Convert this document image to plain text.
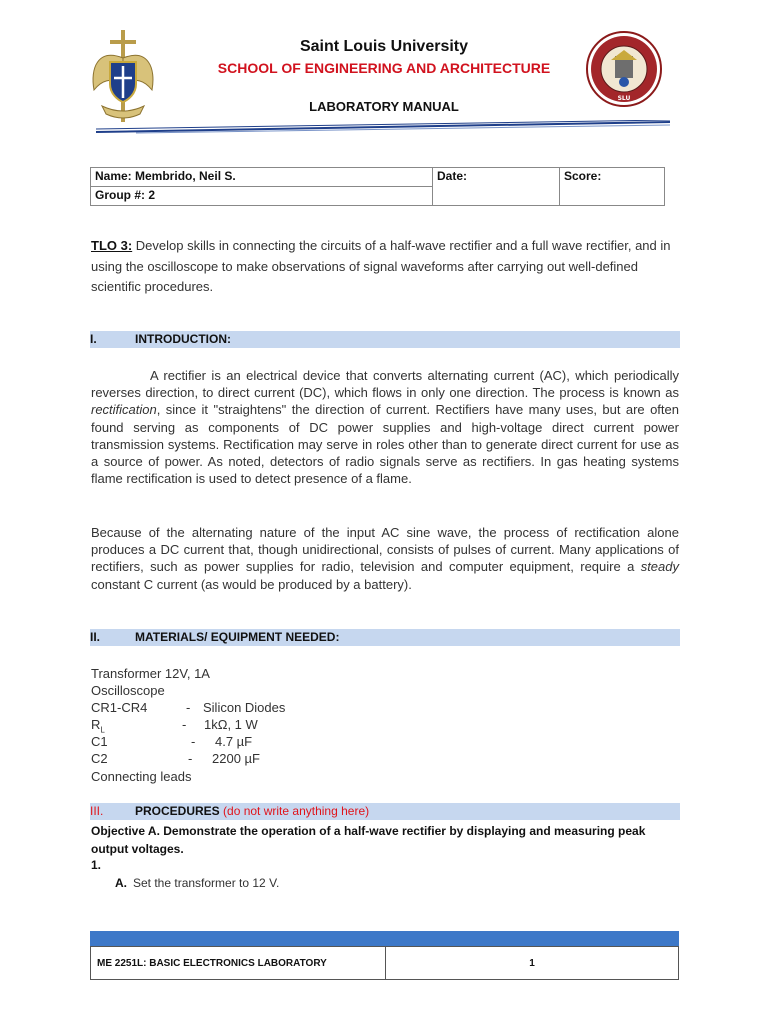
Saint Louis University
SCHOOL OF ENGINEERING AND ARCHITECTURE
LABORATORY MANUAL
SLU
Name: Membrido, Neil S.	Date:	Score:
Group #: 2
TLO 3: Develop skills in connecting the circuits of a half-wave rectifier and a full wave rectifier, and in using the oscilloscope to make observations of signal waveforms after carrying out well-defined scientific procedures.
I.	INTRODUCTION:
A rectifier is an electrical device that converts alternating current (AC), which periodically reverses direction, to direct current (DC), which flows in only one direction. The process is known as rectification, since it "straightens" the direction of current. Rectifiers have many uses, but are often found serving as components of DC power supplies and high-voltage direct current power transmission systems. Rectification may serve in roles other than to generate direct current for use as a source of power. As noted, detectors of radio signals serve as rectifiers. In gas heating systems flame rectification is used to detect presence of a flame.
Because of the alternating nature of the input AC sine wave, the process of rectification alone produces a DC current that, though unidirectional, consists of pulses of current. Many applications of rectifiers, such as power supplies for radio, television and computer equipment, require a steady constant C current (as would be produced by a battery).
II.	MATERIALS/ EQUIPMENT NEEDED:
Transformer 12V, 1A
Oscilloscope
CR1-CR4	- Silicon Diodes
$R_L$	- 1kΩ, 1 W
C1	- 4.7 µF
C2	- 2200 µF
Connecting leads
III.	PROCEDURES (do not write anything here)
Objective A. Demonstrate the operation of a half-wave rectifier by displaying and measuring peak output voltages.
1.
A. Set the transformer to 12 V.
ME 2251L: BASIC ELECTRONICS LABORATORY	1
